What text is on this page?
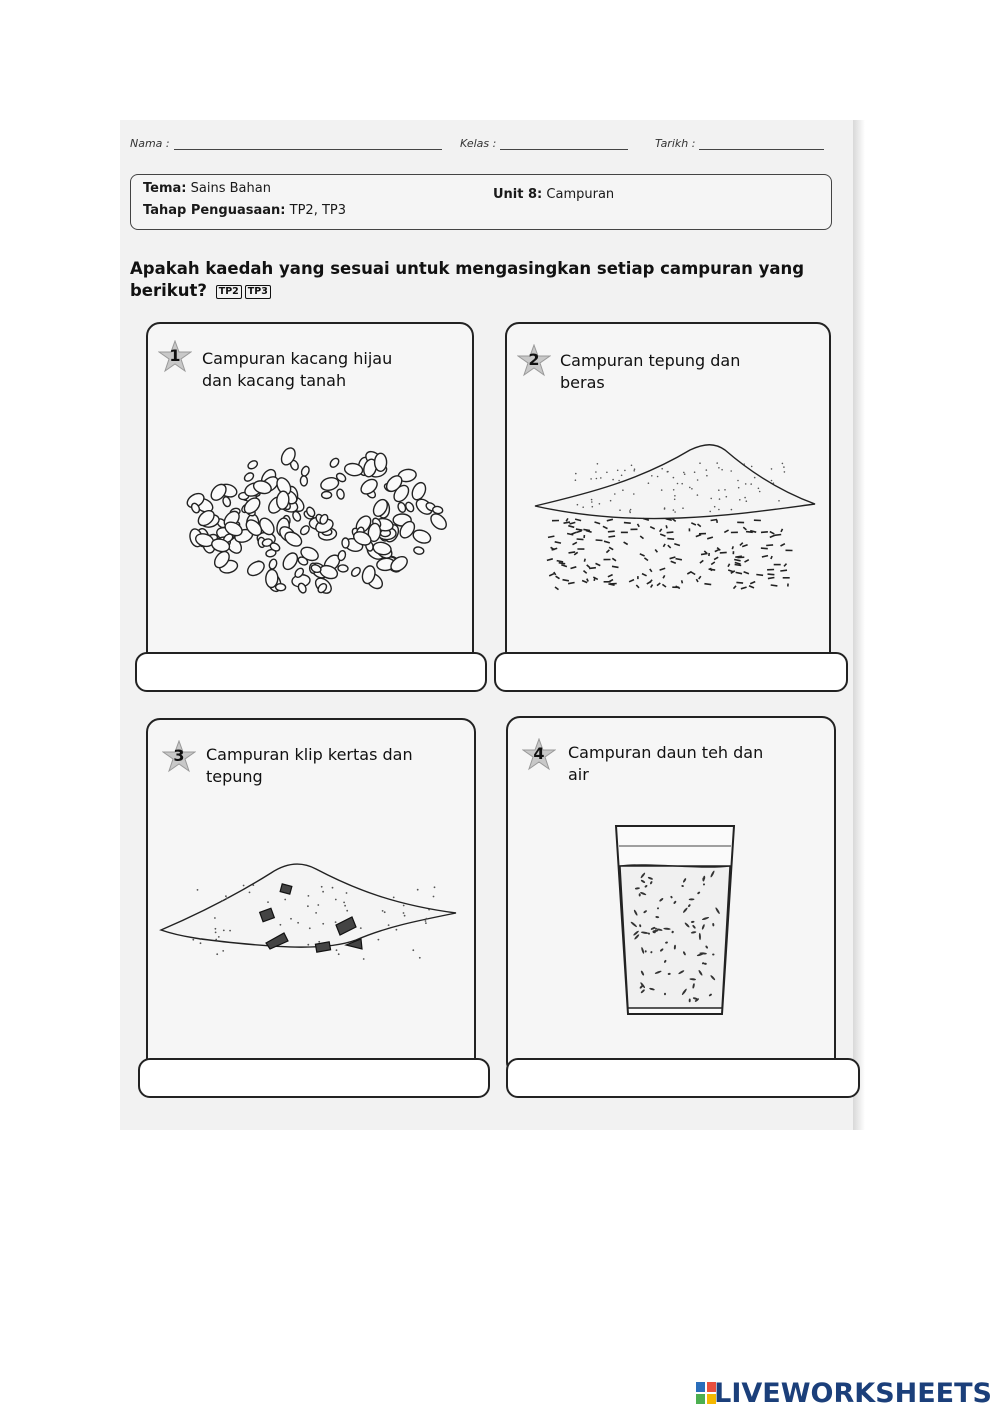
Nama :	Kelas :	Tarikh :
Tema: Sains Bahan
Tahap Penguasaan: TP2, TP3
Unit 8: Campuran
Apakah kaedah yang sesuai untuk mengasingkan setiap campuran yang
berikut? TP2 TP3
1	Campuran kacang hijau
dan kacang tanah
2	Campuran tepung dan
beras
3	Campuran klip kertas dan
tepung
4	Campuran daun teh dan
air
LIVEWORKSHEETS
